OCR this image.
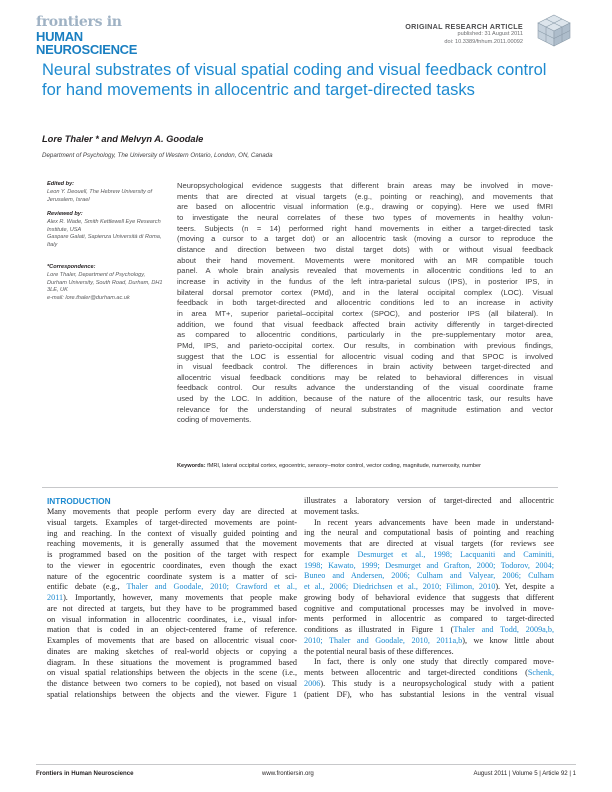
frontiers in
HUMAN NEUROSCIENCE
ORIGINAL RESEARCH ARTICLE
published: 31 August 2011
doi: 10.3389/fnhum.2011.00092
Neural substrates of visual spatial coding and visual feedback control for hand movements in allocentric and target-directed tasks
Lore Thaler * and Melvyn A. Goodale
Department of Psychology, The University of Western Ontario, London, ON, Canada
Edited by:
Leon Y. Deouell, The Hebrew University of Jerusalem, Israel
Reviewed by:
Alex R. Wade, Smith Kettlewell Eye Research Institute, USA
Gaspare Galati, Sapienza Università di Roma, Italy
*Correspondence:
Lore Thaler, Department of Psychology, Durham University, South Road, Durham, DH1 3LE, UK
e-mail: lore.thaler@durham.ac.uk
Neuropsychological evidence suggests that different brain areas may be involved in move-
ments that are directed at visual targets (e.g., pointing or reaching), and movements that
are based on allocentric visual information (e.g., drawing or copying). Here we used fMRI
to investigate the neural correlates of these two types of movements in healthy volun-
teers. Subjects (n = 14) performed right hand movements in either a target-directed task
(moving a cursor to a target dot) or an allocentric task (moving a cursor to reproduce the
distance and direction between two distal target dots) with or without visual feedback
about their hand movement. Movements were monitored with an MR compatible touch
panel. A whole brain analysis revealed that movements in allocentric conditions led to an
increase in activity in the fundus of the left intra-parietal sulcus (IPS), in posterior IPS, in
bilateral dorsal premotor cortex (PMd), and in the lateral occipital complex (LOC). Visual
feedback in both target-directed and allocentric conditions led to an increase in activity
in area MT+, superior parietal–occipital cortex (SPOC), and posterior IPS (all bilateral). In
addition, we found that visual feedback affected brain activity differently in target-directed
as compared to allocentric conditions, particularly in the pre-supplementary motor area,
PMd, IPS, and parieto-occipital cortex. Our results, in combination with previous findings,
suggest that the LOC is essential for allocentric visual coding and that SPOC is involved
in visual feedback control. The differences in brain activity between target-directed and
allocentric visual feedback conditions may be related to behavioral differences in visual
feedback control. Our results advance the understanding of the visual coordinate frame
used by the LOC. In addition, because of the nature of the allocentric task, our results have
relevance for the understanding of neural substrates of magnitude estimation and vector
coding of movements.
Keywords: fMRI, lateral occipital cortex, egocentric, sensory–motor control, vector coding, magnitude, numerosity, number
INTRODUCTION
Many movements that people perform every day are directed at
visual targets. Examples of target-directed movements are point-
ing and reaching. In the context of visually guided pointing and
reaching movements, it is generally assumed that the movement
is programmed based on the position of the target with respect
to the viewer in egocentric coordinates, even though the exact
nature of the egocentric coordinate system is a matter of sci-
entific debate (e.g., Thaler and Goodale, 2010; Crawford et al.,
2011). Importantly, however, many movements that people make
are not directed at targets, but they have to be programmed based
on visual information in allocentric coordinates, i.e., visual infor-
mation that is coded in an object-centered frame of reference.
Examples of movements that are based on allocentric visual coor-
dinates are making sketches of real-world objects or copying a
diagram. In these situations the movement is programmed based
on visual spatial relationships between the objects in the scene (i.e.,
the distance between two corners to be copied), not based on visual
spatial relationships between the objects and the viewer. Figure 1
illustrates a laboratory version of target-directed and allocentric
movement tasks.
In recent years advancements have been made in understand-
ing the neural and computational basis of pointing and reaching
movements that are directed at visual targets (for reviews see
for example Desmurget et al., 1998; Lacquaniti and Caminiti,
1998; Kawato, 1999; Desmurget and Grafton, 2000; Todorov, 2004;
Buneo and Andersen, 2006; Culham and Valyear, 2006; Culham
et al., 2006; Diedrichsen et al., 2010; Filimon, 2010). Yet, despite a
growing body of behavioral evidence that suggests that different
cognitive and computational processes may be involved in move-
ments performed in allocentric as compared to target-directed
conditions as illustrated in Figure 1 (Thaler and Todd, 2009a,b,
2010; Thaler and Goodale, 2010, 2011a,b), we know little about
the potential neural basis of these differences.
In fact, there is only one study that directly compared move-
ments between allocentric and target-directed conditions (Schenk,
2006). This study is a neuropsychological study with a patient
(patient DF), who has substantial lesions in the ventral visual
Frontiers in Human Neuroscience	www.frontiersin.org	August 2011 | Volume 5 | Article 92 | 1
